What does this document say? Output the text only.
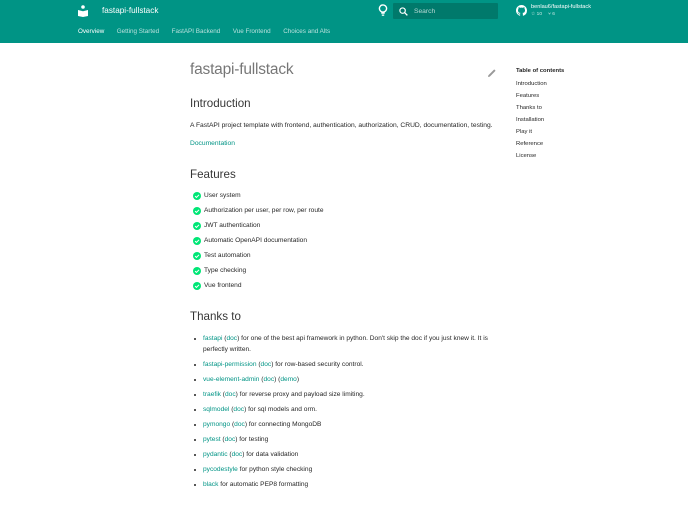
fastapi-fullstack
Overview Getting Started FastAPI Backend Vue Frontend Choices and Alts
Search
benlau6/fastapi-fullstack
☆ 10 ⑂ 6
fastapi-fullstack
Introduction

A FastAPI project template with frontend, authentication, authorization, CRUD, documentation, testing.

Documentation

Features
User system
Authorization per user, per row, per route
JWT authentication
Automatic OpenAPI documentation
Test automation
Type checking
Vue frontend
Thanks to
fastapi (doc) for one of the best api framework in python. Don't skip the doc if you just knew it. It is perfectly written.
fastapi-permission (doc) for row-based security control.
vue-element-admin (doc) (demo)
traefik (doc) for reverse proxy and payload size limiting.
sqlmodel (doc) for sql models and orm.
pymongo (doc) for connecting MongoDB
pytest (doc) for testing
pydantic (doc) for data validation
pycodestyle for python style checking
black for automatic PEP8 formatting
Table of contents
Introduction
Features
Thanks to
Installation
Play it
Reference
License
